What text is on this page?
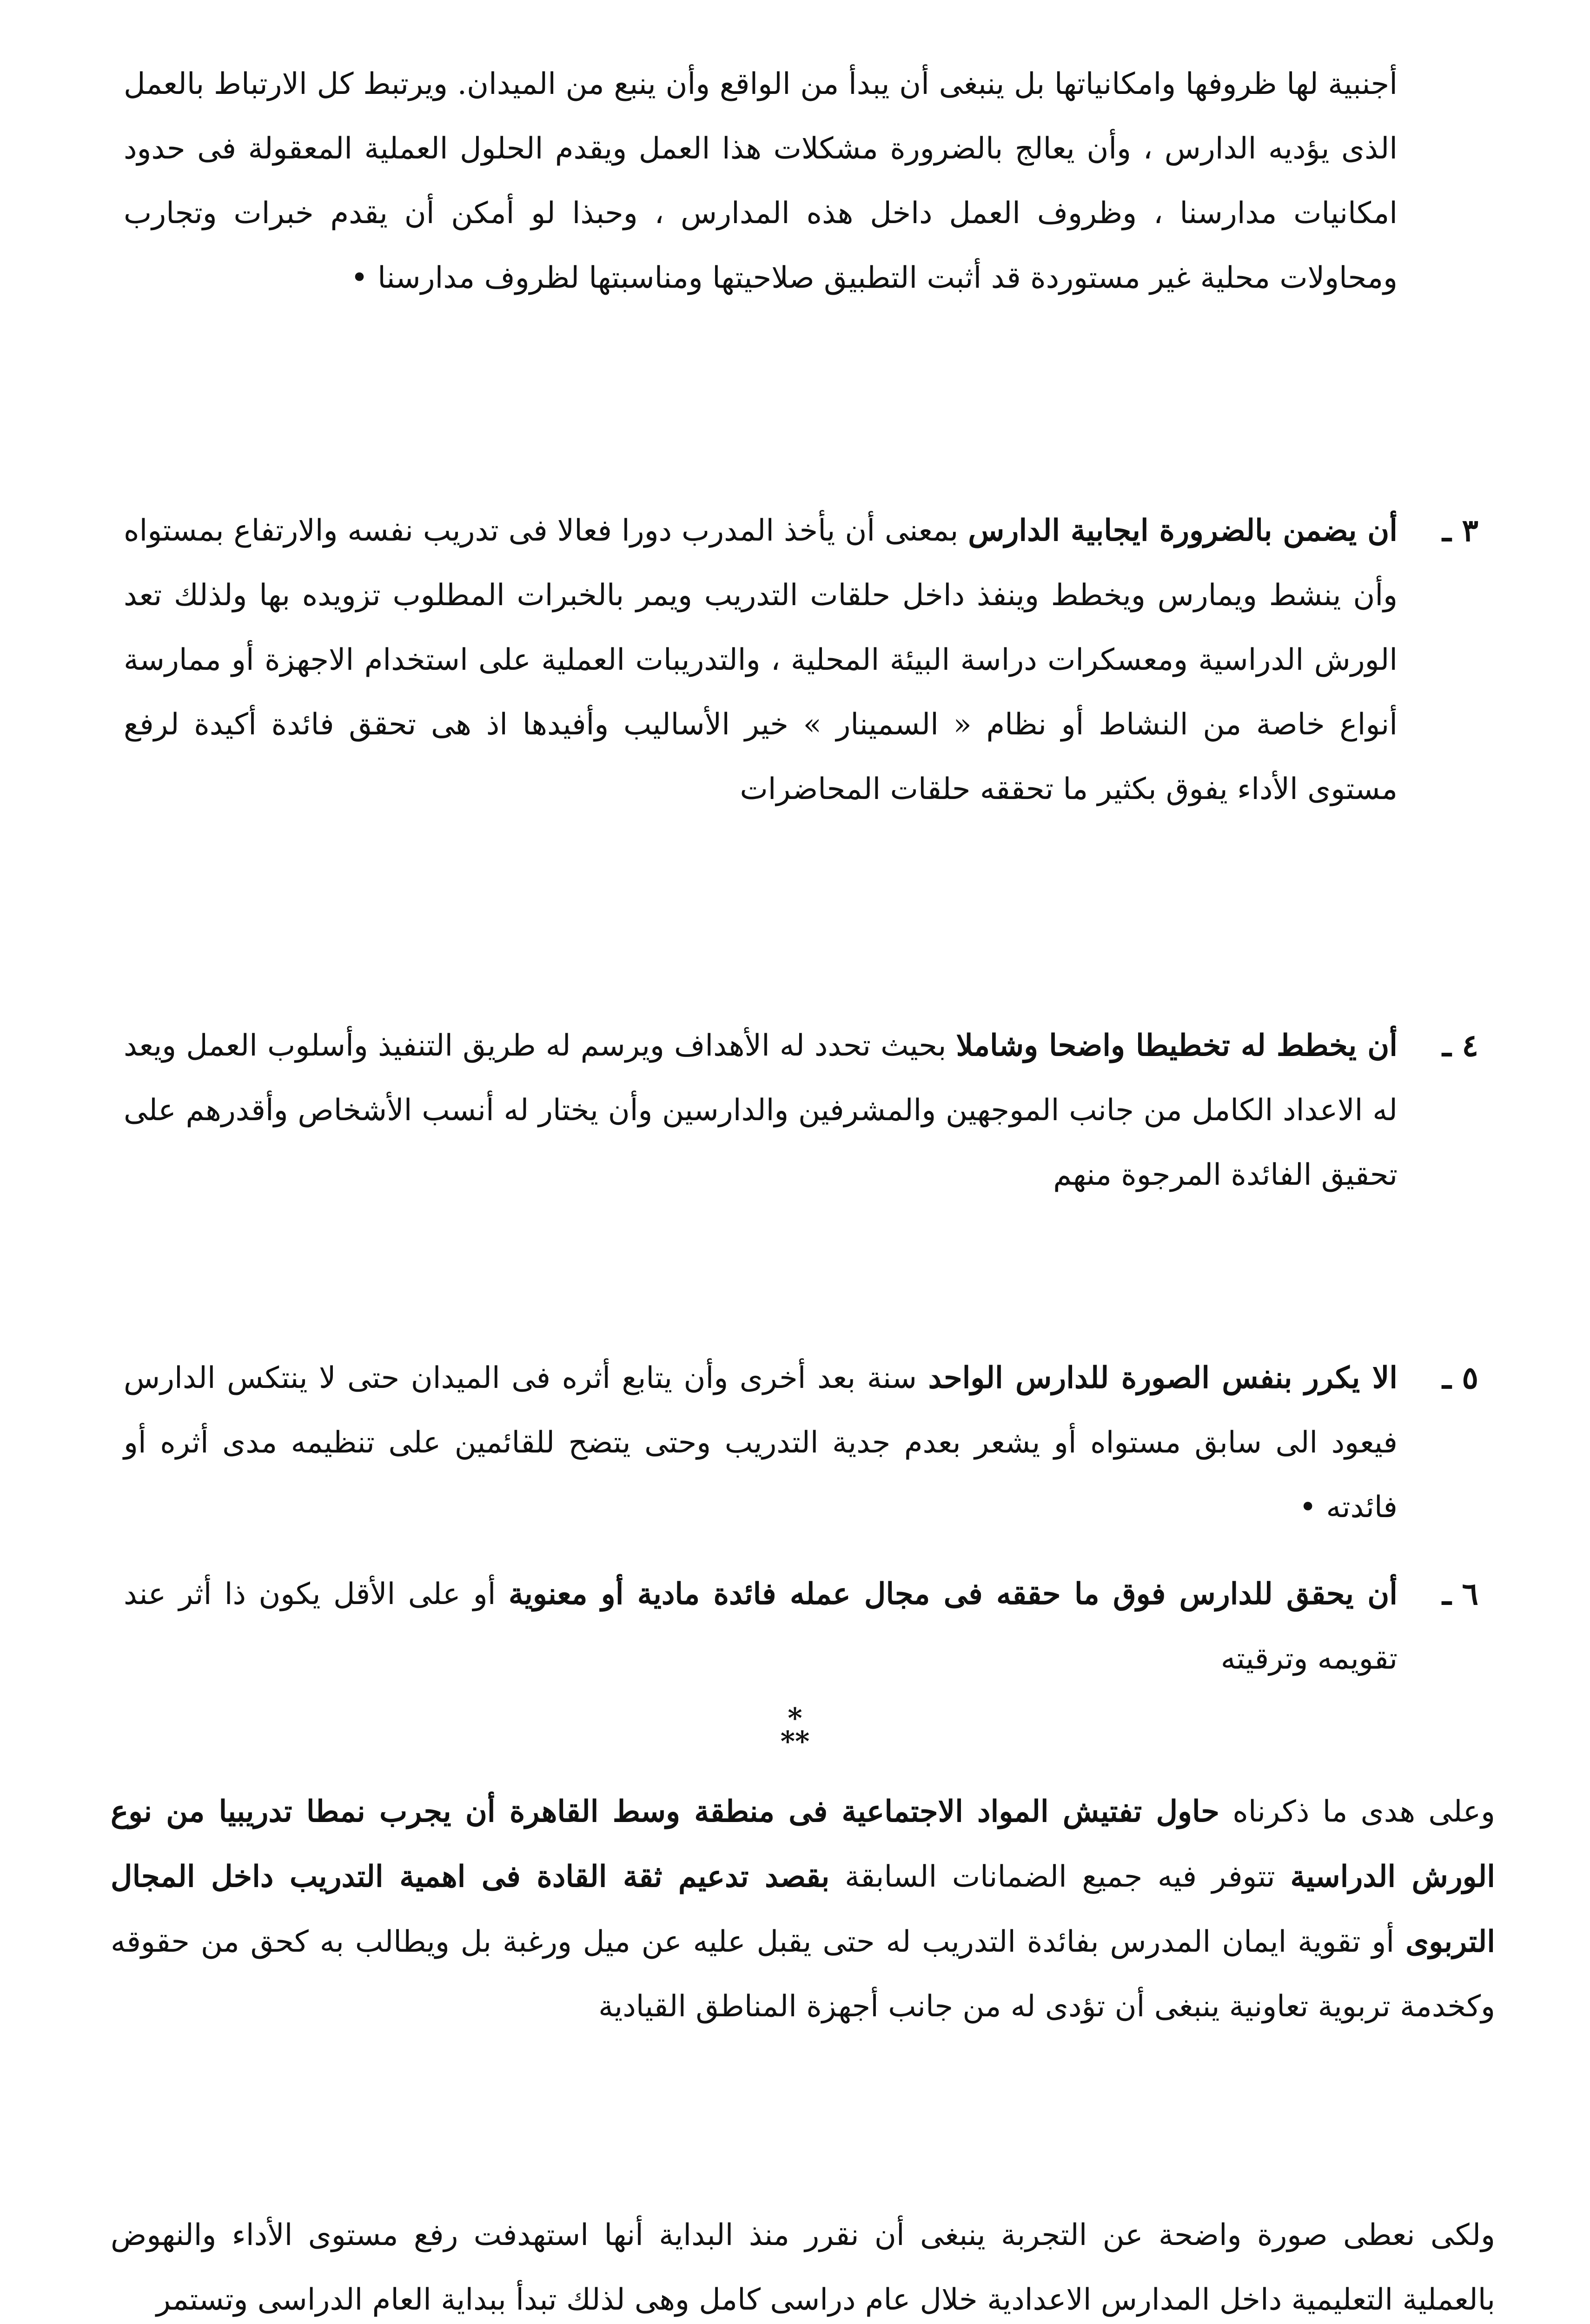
أجنبية لها ظروفها وامكانياتها بل ينبغى أن يبدأ من الواقع وأن ينبع من الميدان. ويرتبط كل الارتباط بالعمل الذى يؤديه الدارس ، وأن يعالج بالضرورة مشكلات هذا العمل ويقدم الحلول العملية المعقولة فى حدود امكانيات مدارسنا ، وظروف العمل داخل هذه المدارس ، وحبذا لو أمكن أن يقدم خبرات وتجارب ومحاولات محلية غير مستوردة قد أثبت التطبيق صلاحيتها ومناسبتها لظروف مدارسنا •

٣ ـ

أن يضمن بالضرورة ايجابية الدارس بمعنى أن يأخذ المدرب دورا فعالا فى تدريب نفسه والارتفاع بمستواه وأن ينشط ويمارس ويخطط وينفذ داخل حلقات التدريب ويمر بالخبرات المطلوب تزويده بها ولذلك تعد الورش الدراسية ومعسكرات دراسة البيئة المحلية ، والتدريبات العملية على استخدام الاجهزة أو ممارسة أنواع خاصة من النشاط أو نظام « السمينار » خير الأساليب وأفيدها اذ هى تحقق فائدة أكيدة لرفع مستوى الأداء يفوق بكثير ما تحققه حلقات المحاضرات

٤ ـ

أن يخطط له تخطيطا واضحا وشاملا بحيث تحدد له الأهداف ويرسم له طريق التنفيذ وأسلوب العمل ويعد له الاعداد الكامل من جانب الموجهين والمشرفين والدارسين وأن يختار له أنسب الأشخاص وأقدرهم على تحقيق الفائدة المرجوة منهم

٥ ـ

الا يكرر بنفس الصورة للدارس الواحد سنة بعد أخرى وأن يتابع أثره فى الميدان حتى لا ينتكس الدارس فيعود الى سابق مستواه أو يشعر بعدم جدية التدريب وحتى يتضح للقائمين على تنظيمه مدى أثره أو فائدته •

٦ ـ

أن يحقق للدارس فوق ما حققه فى مجال عمله فائدة مادية أو معنوية أو على الأقل يكون ذا أثر عند تقويمه وترقيته

*
**

وعلى هدى ما ذكرناه حاول تفتيش المواد الاجتماعية فى منطقة وسط القاهرة أن يجرب نمطا تدريبيا من نوع الورش الدراسية تتوفر فيه جميع الضمانات السابقة بقصد تدعيم ثقة القادة فى اهمية التدريب داخل المجال التربوى أو تقوية ايمان المدرس بفائدة التدريب له حتى يقبل عليه عن ميل ورغبة بل ويطالب به كحق من حقوقه وكخدمة تربوية تعاونية ينبغى أن تؤدى له من جانب أجهزة المناطق القيادية

ولكى نعطى صورة واضحة عن التجربة ينبغى أن نقرر منذ البداية أنها استهدفت رفع مستوى الأداء والنهوض بالعملية التعليمية داخل المدارس الاعدادية خلال عام دراسى كامل وهى لذلك تبدأ ببداية العام الدراسى وتستمر
